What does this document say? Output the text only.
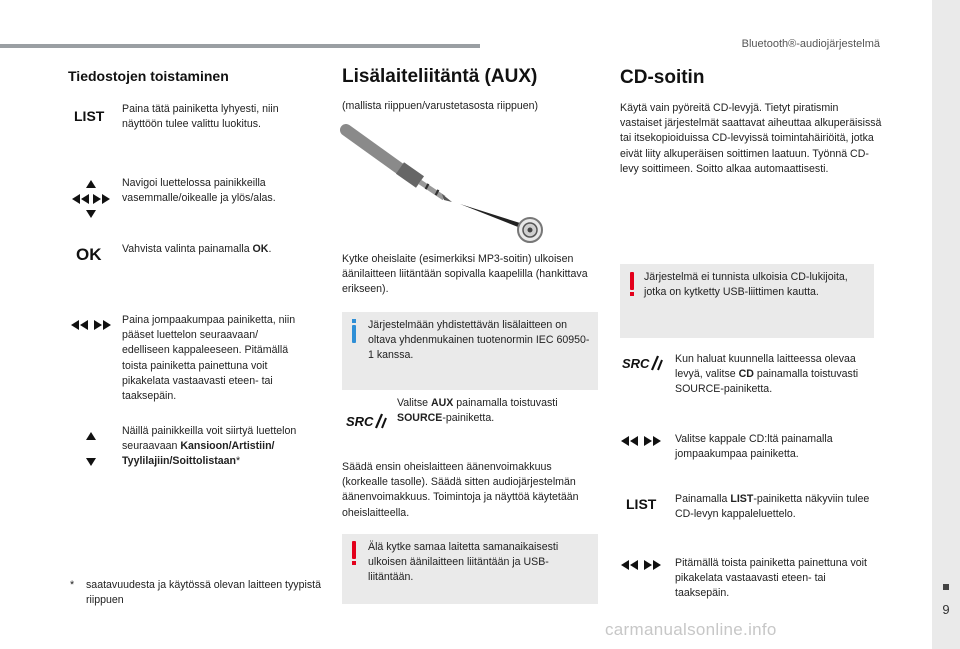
Bluetooth®-audiojärjestelmä
9
carmanualsonline.info
Tiedostojen toistaminen
LIST Paina tätä painiketta lyhyesti, niin näyttöön tulee valittu luokitus.
Navigoi luettelossa painikkeilla vasemmalle/oikealle ja ylös/alas.
OK Vahvista valinta painamalla OK.
Paina jompaakumpaa painiketta, niin pääset luettelon seuraavaan/ edelliseen kappaleeseen. Pitämällä toista painiketta painettuna voit pikakelata vastaavasti eteen- tai taaksepäin.
Näillä painikkeilla voit siirtyä luettelon seuraavaan Kansioon/Artistiin/ Tyylilajiin/Soittolistaan*
* saatavuudesta ja käytössä olevan laitteen tyypistä riippuen
Lisälaiteliitäntä (AUX)
(mallista riippuen/varustetasosta riippuen)
Kytke oheislaite (esimerkiksi MP3-soitin) ulkoisen äänilaitteen liitäntään sopivalla kaapelilla (hankittava erikseen).
Järjestelmään yhdistettävän lisälaitteen on oltava yhdenmukainen tuotenormin IEC 60950-1 kanssa.
SRC
Valitse AUX painamalla toistuvasti SOURCE-painiketta.
Säädä ensin oheislaitteen äänenvoimakkuus (korkealle tasolle). Säädä sitten audiojärjestelmän äänenvoimakkuus. Toimintoja ja näyttöä käytetään oheislaitteella.
Älä kytke samaa laitetta samanaikaisesti ulkoisen äänilaitteen liitäntään ja USB-liitäntään.
CD-soitin
Käytä vain pyöreitä CD-levyjä. Tietyt piratismin vastaiset järjestelmät saattavat aiheuttaa alkuperäisissä tai itsekopioiduissa CD-levyissä toimintahäiriöitä, jotka eivät liity alkuperäisen soittimen laatuun. Työnnä CD-levy soittimeen. Soitto alkaa automaattisesti.
Järjestelmä ei tunnista ulkoisia CD-lukijoita, jotka on kytketty USB-liittimen kautta.
SRC Kun haluat kuunnella laitteessa olevaa levyä, valitse CD painamalla toistuvasti SOURCE-painiketta.
Valitse kappale CD:ltä painamalla jompaakumpaa painiketta.
LIST Painamalla LIST-painiketta näkyviin tulee CD-levyn kappaleluettelo.
Pitämällä toista painiketta painettuna voit pikakelata vastaavasti eteen- tai taaksepäin.
